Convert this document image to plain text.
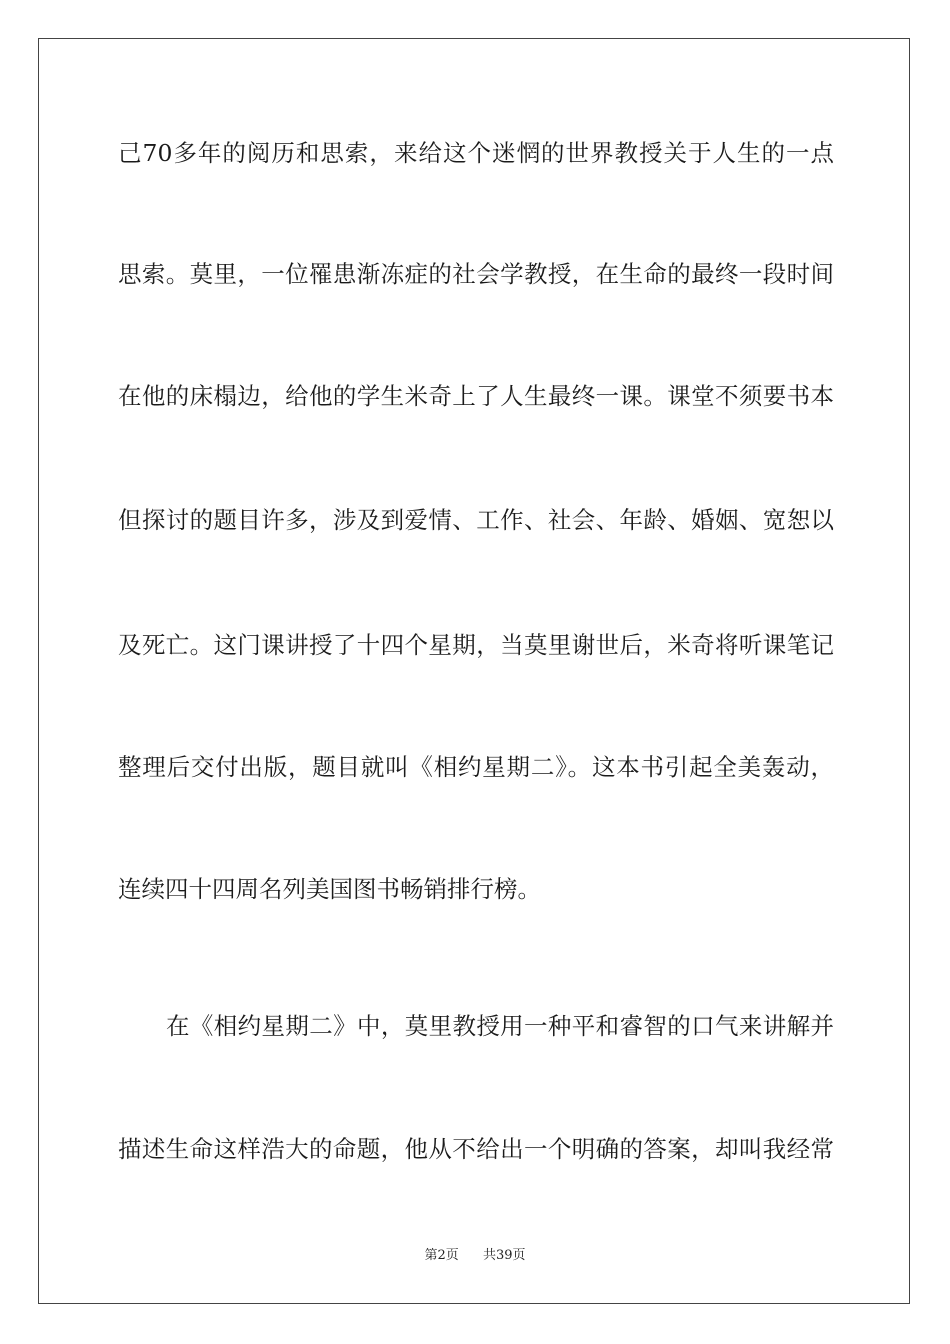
己70多年的阅历和思索，来给这个迷惘的世界教授关于人生的一点
思索。莫里，一位罹患渐冻症的社会学教授，在生命的最终一段时间
在他的床榻边，给他的学生米奇上了人生最终一课。课堂不须要书本
但探讨的题目许多，涉及到爱情、工作、社会、年龄、婚姻、宽恕以
及死亡。这门课讲授了十四个星期，当莫里谢世后，米奇将听课笔记
整理后交付出版，题目就叫《相约星期二》。这本书引起全美轰动，
连续四十四周名列美国图书畅销排行榜。
在《相约星期二》中，莫里教授用一种平和睿智的口气来讲解并
描述生命这样浩大的命题，他从不给出一个明确的答案，却叫我经常
第2页 共39页
